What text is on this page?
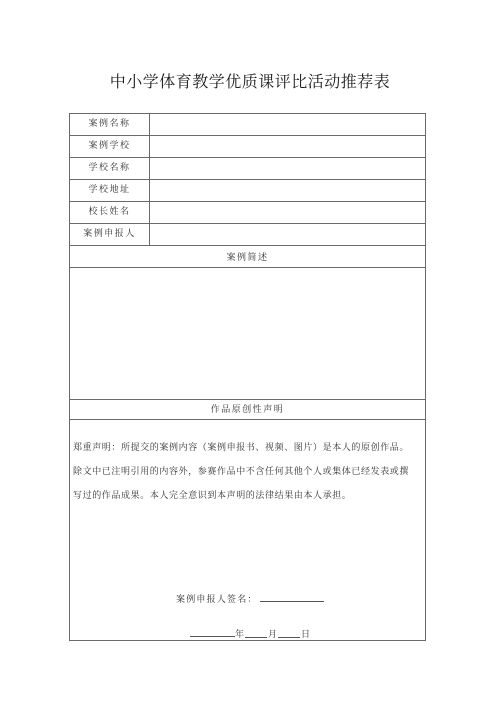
中小学体育教学优质课评比活动推荐表
案例名称
案例学校
学校名称
学校地址
校长姓名
案例申报人
案例简述
作品原创性声明
郑重声明：所提交的案例内容（案例申报书、视频、图片）是本人的原创作品。
除文中已注明引用的内容外，参赛作品中不含任何其他个人或集体已经发表或撰
写过的作品成果。本人完全意识到本声明的法律结果由本人承担。
案例申报人签名：
年	月	日
